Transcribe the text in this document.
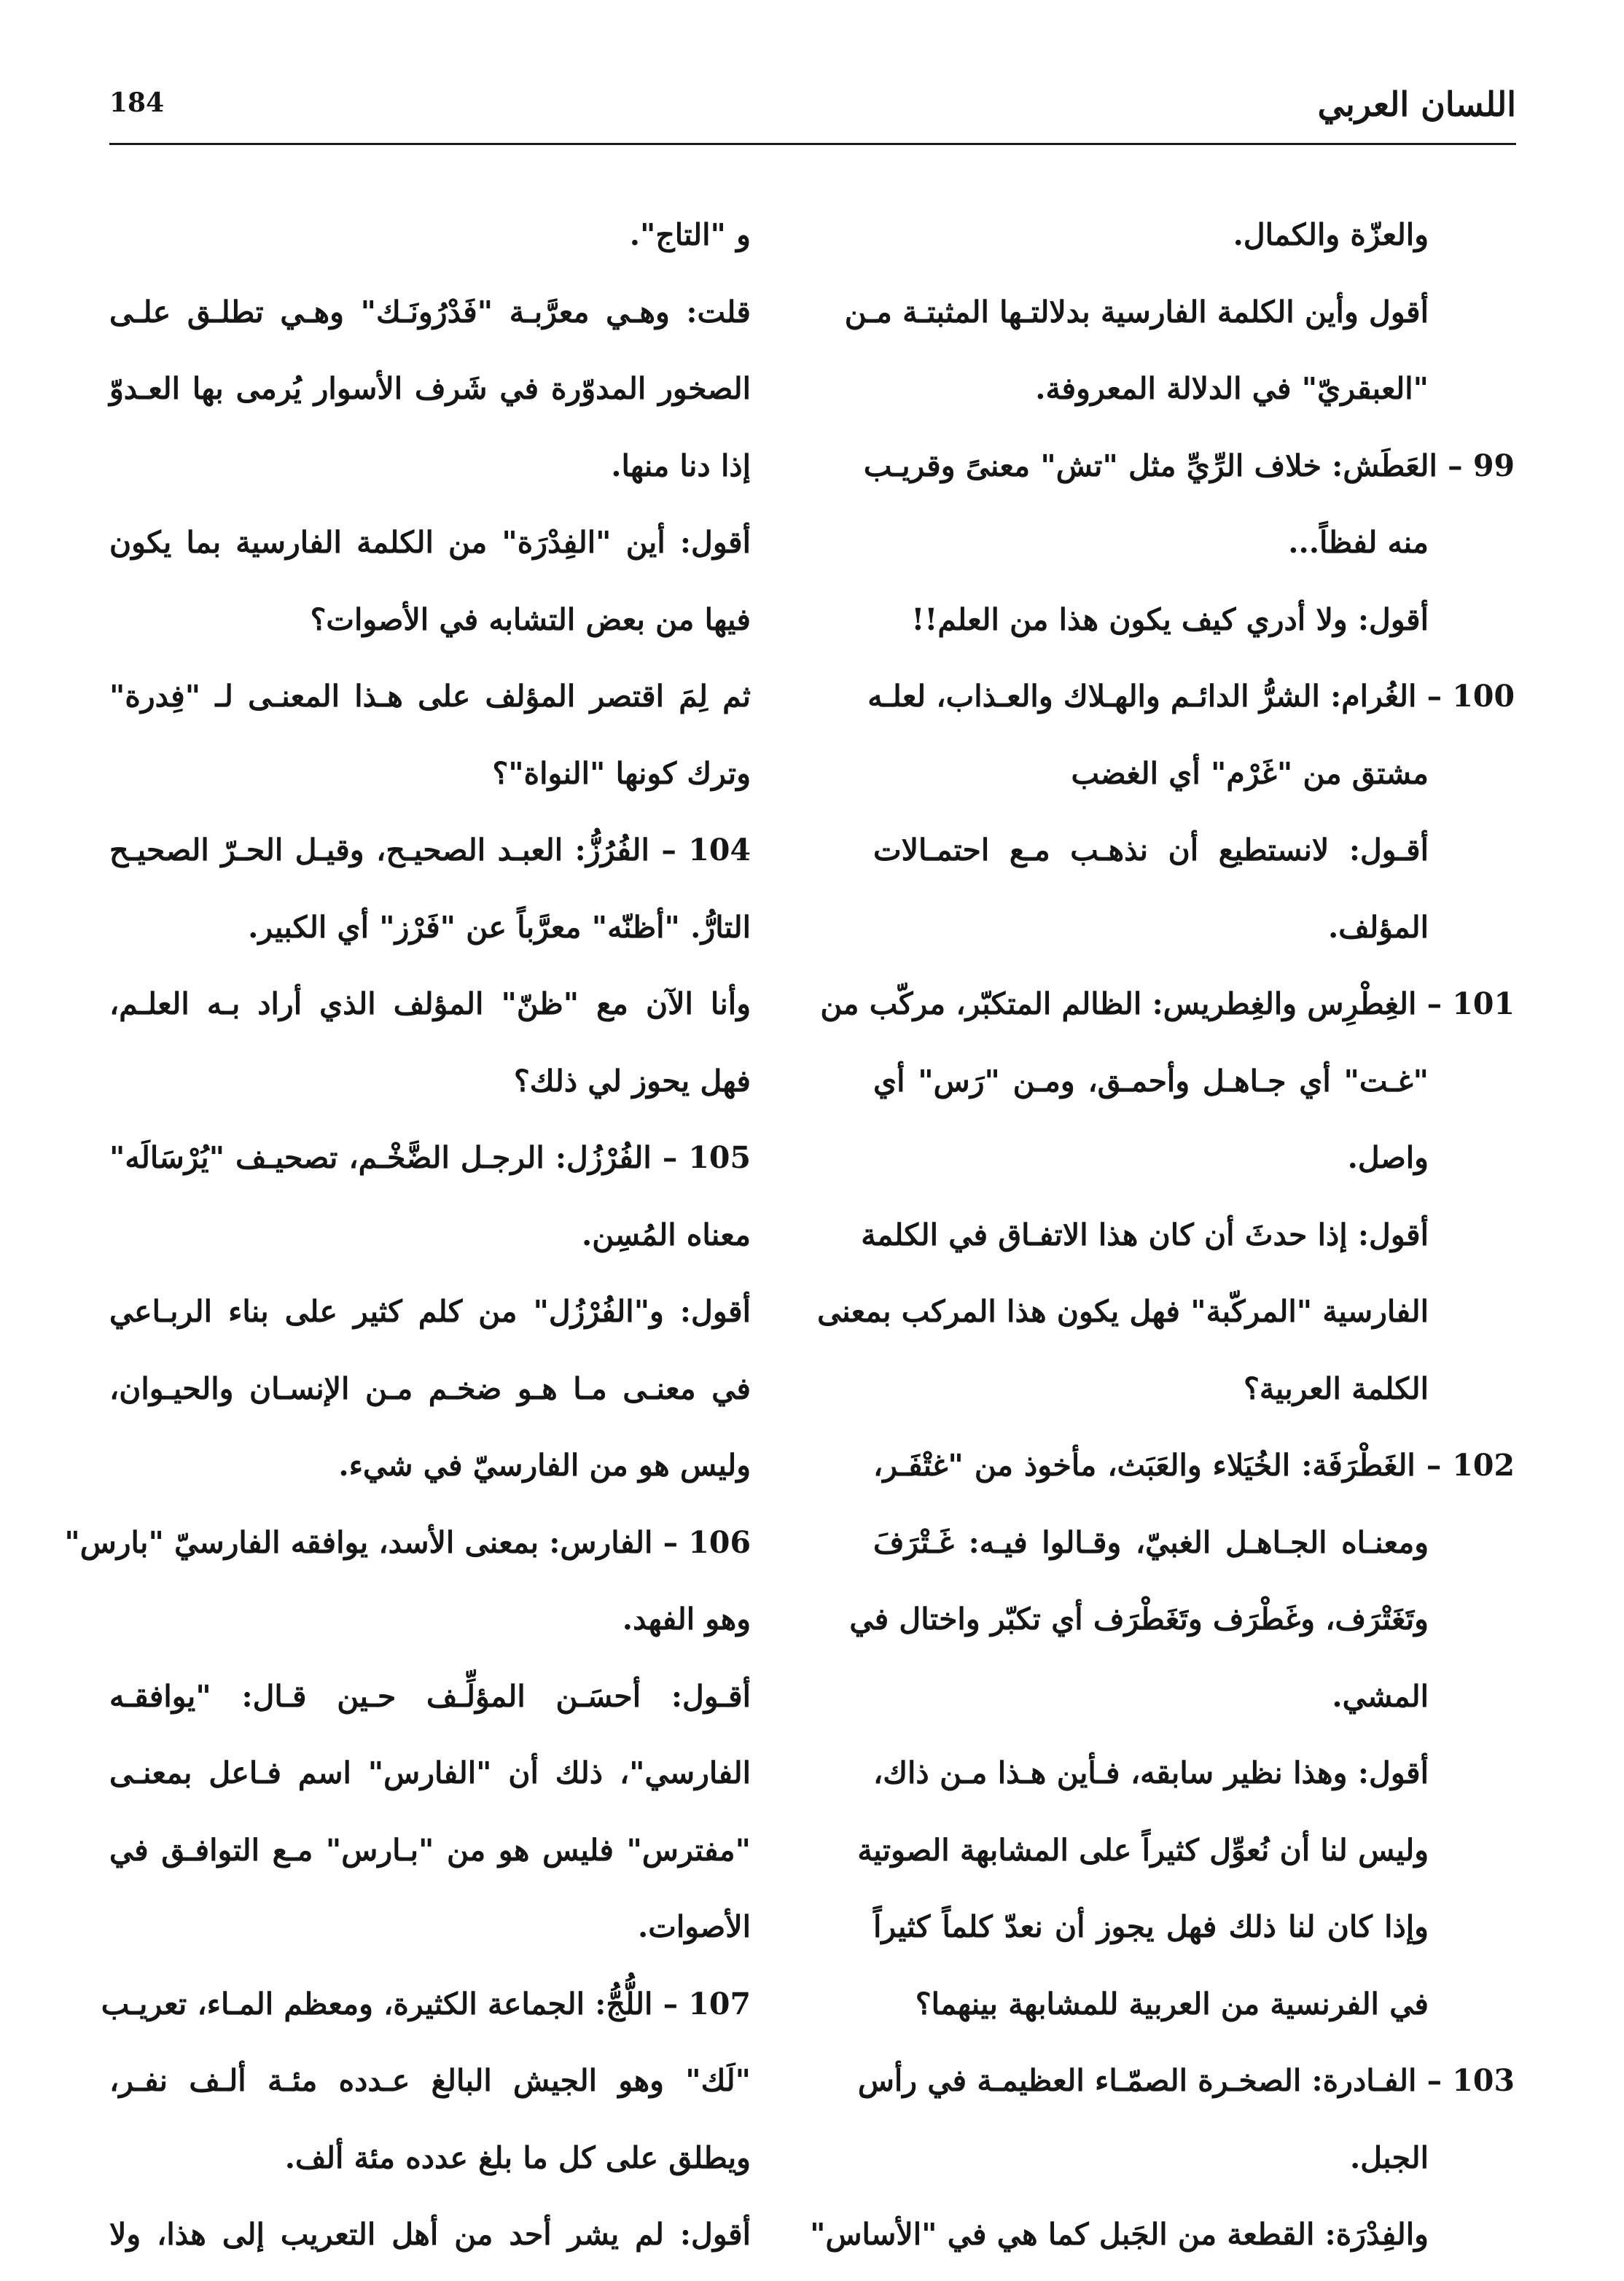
184	اللسان العربي
والعزّة والكمال.
أقول وأين الكلمة الفارسية بدلالتـها المثبتـة مـن
"العبقريّ" في الدلالة المعروفة.
99 – العَطَش: خلاف الرِّيِّ مثل "تش" معنىً وقريـب
منه لفظاً...
أقول: ولا أدري كيف يكون هذا من العلم!!
100 – الغُرام: الشرُّ الدائـم والهـلاك والعـذاب، لعلـه
مشتق من "غَرْم" أي الغضب
أقـول: لانستطيع أن نذهـب مـع احتمـالات
المؤلف.
101 – الغِطْرِس والغِطريس: الظالم المتكبّر، مركّب من
"غـت" أي جـاهـل وأحمـق، ومـن "رَس" أي
واصل.
أقول: إذا حدثَ أن كان هذا الاتفـاق في الكلمة
الفارسية "المركّبة" فهل يكون هذا المركب بمعنى
الكلمة العربية؟
102 – الغَطْرَفَة: الخُيَلاء والعَبَث، مأخوذ من "غتْفَـر،
ومعنـاه الجـاهـل الغبيّ، وقـالوا فيـه: غَـتْرَفَ
وتَغَتْرَف، وغَطْرَف وتَغَطْرَف أي تكبّر واختال في
المشي.
أقول: وهذا نظير سابقه، فـأين هـذا مـن ذاك،
وليس لنا أن نُعوِّل كثيراً على المشابهة الصوتية
وإذا كان لنا ذلك فهل يجوز أن نعدّ كلماً كثيراً
في الفرنسية من العربية للمشابهة بينهما؟
103 – الفـادرة: الصخـرة الصمّـاء العظيمـة في رأس
الجبل.
والفِدْرَة: القطعة من الجَبل كما هي في "الأساس"
و "التاج".
قلت: وهـي معرَّبـة "فَدْرُونَـك" وهـي تطلـق علـى
الصخور المدوّرة في شَرف الأسوار يُرمى بها العـدوّ
إذا دنا منها.
أقول: أين "الفِدْرَة" من الكلمة الفارسية بما يكون
فيها من بعض التشابه في الأصوات؟
ثم لِمَ اقتصر المؤلف على هـذا المعنـى لـ "فِدرة"
وترك كونها "النواة"؟
104 – الفُرُزُّ: العبـد الصحيـح، وقيـل الحـرّ الصحيـح
التارُّ. "أظنّه" معرَّباً عن "فَرْز" أي الكبير.
وأنا الآن مع "ظنّ" المؤلف الذي أراد بـه العلـم،
فهل يحوز لي ذلك؟
105 – الفُرْزُل: الرجـل الضَّخْـم، تصحيـف "يُرْسَالَه"
معناه المُسِن.
أقول: و"الفُرْزُل" من كلم كثير على بناء الربـاعي
في معنـى مـا هـو ضخـم مـن الإنسـان والحيـوان،
وليس هو من الفارسيّ في شيء.
106 – الفارس: بمعنى الأسد، يوافقه الفارسيّ "بارس"
وهو الفهد.
أقـول: أحسَـن المؤلِّـف حـين قـال: "يوافقـه
الفارسي"، ذلك أن "الفارس" اسم فـاعل بمعنـى
"مفترس" فليس هو من "بـارس" مـع التوافـق في
الأصوات.
107 – اللُّجُّ: الجماعة الكثيرة، ومعظم المـاء، تعريـب
"لَك" وهو الجيش البالغ عـدده مئـة ألـف نفـر،
ويطلق على كل ما بلغ عدده مئة ألف.
أقول: لم يشر أحد من أهل التعريب إلى هذا، ولا
